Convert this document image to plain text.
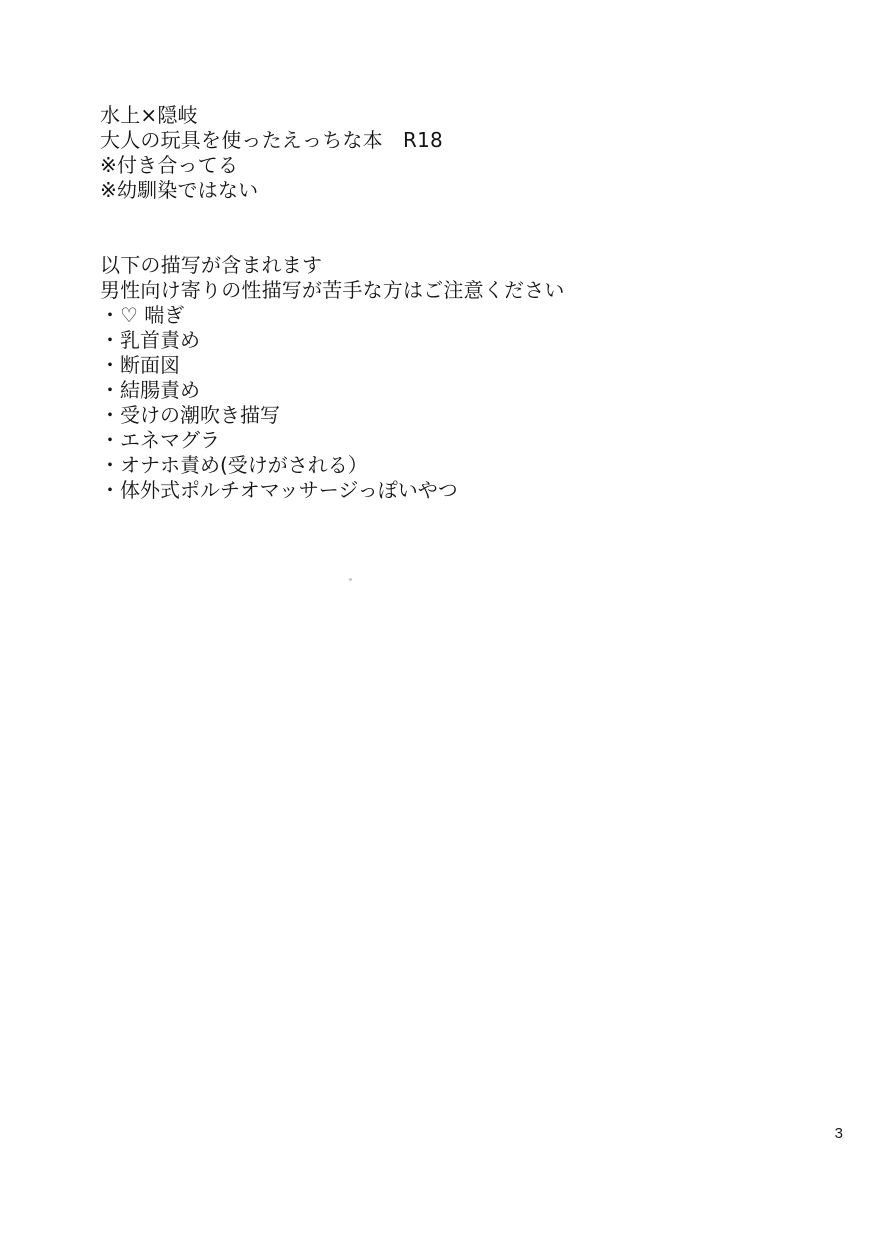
水上×隠岐
大人の玩具を使ったえっちな本　R18
※付き合ってる
※幼馴染ではない
以下の描写が含まれます
男性向け寄りの性描写が苦手な方はご注意ください
・♡ 喘ぎ
・乳首責め
・断面図
・結腸責め
・受けの潮吹き描写
・エネマグラ
・オナホ責め(受けがされる）
・体外式ポルチオマッサージっぽいやつ
3
